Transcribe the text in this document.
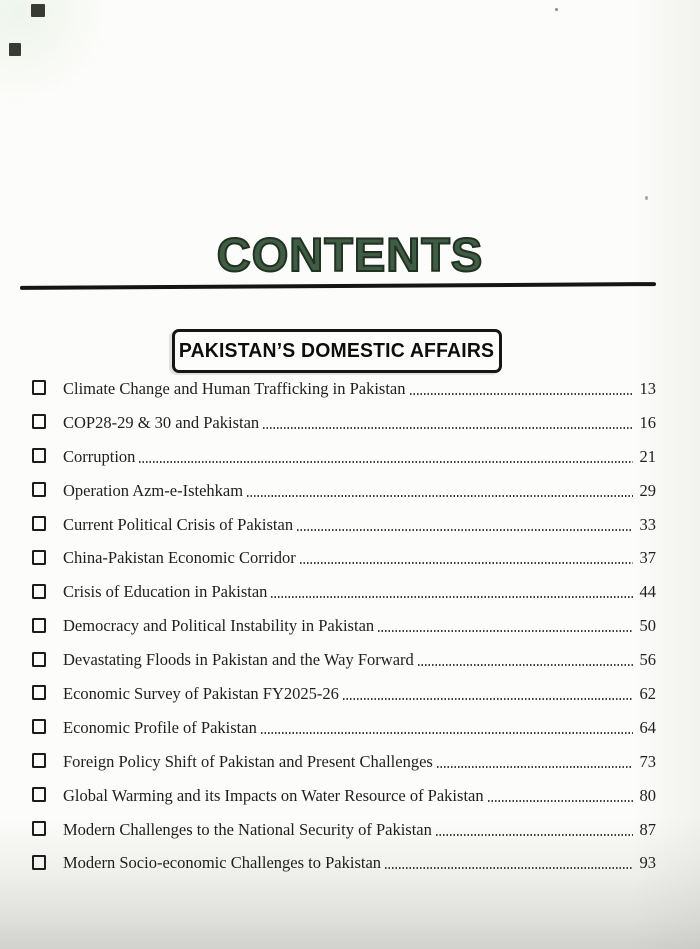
CONTENTS
PAKISTAN’S DOMESTIC AFFAIRS
Climate Change and Human Trafficking in Pakistan	13
COP28-29 & 30 and Pakistan	16
Corruption	21
Operation Azm-e-Istehkam	29
Current Political Crisis of Pakistan	33
China-Pakistan Economic Corridor	37
Crisis of Education in Pakistan	44
Democracy and Political Instability in Pakistan	50
Devastating Floods in Pakistan and the Way Forward	56
Economic Survey of Pakistan FY2025-26	62
Economic Profile of Pakistan	64
Foreign Policy Shift of Pakistan and Present Challenges	73
Global Warming and its Impacts on Water Resource of Pakistan	80
Modern Challenges to the National Security of Pakistan	87
Modern Socio-economic Challenges to Pakistan	93
